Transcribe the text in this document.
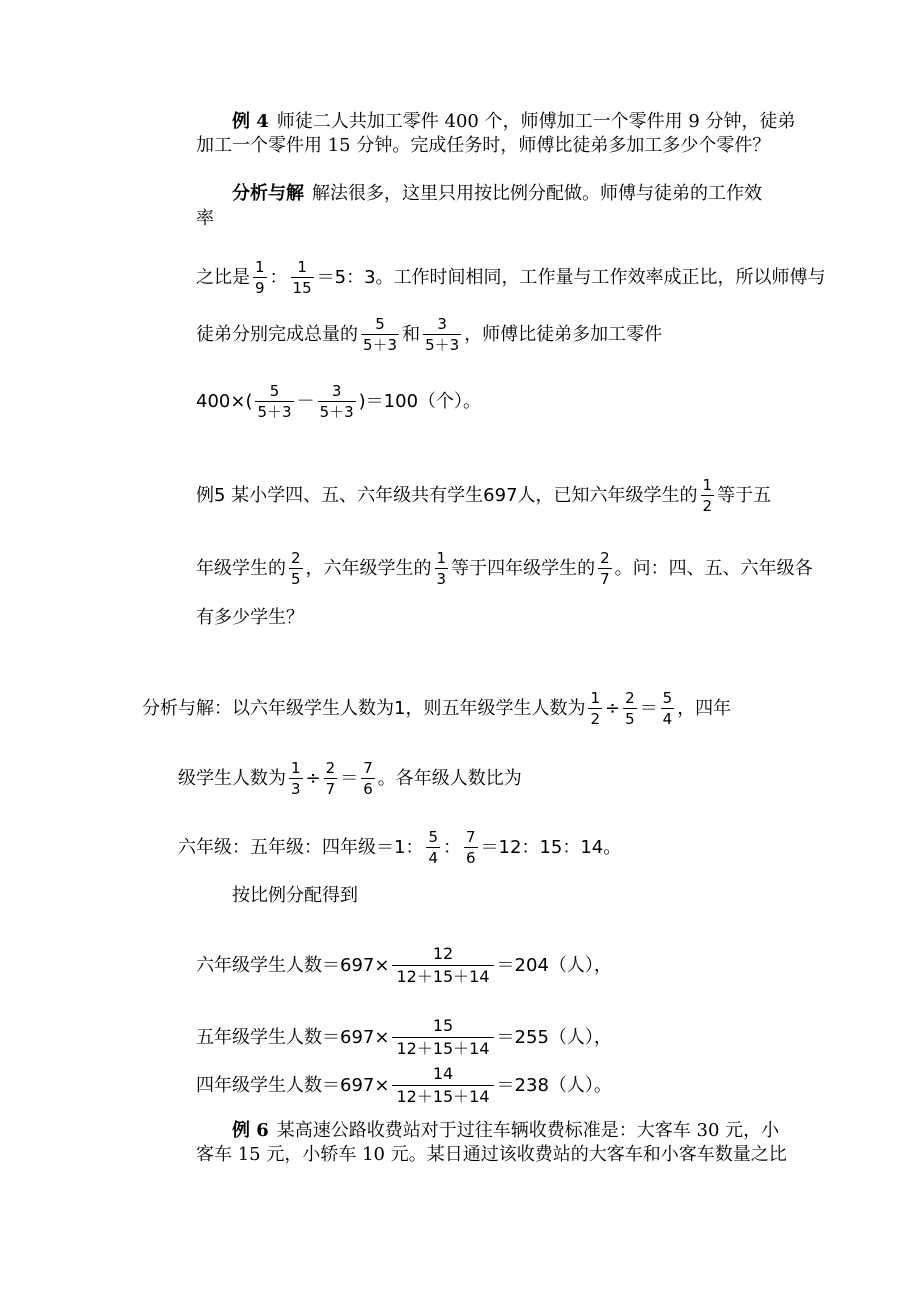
例 4 师徒二人共加工零件 400 个，师傅加工一个零件用 9 分钟，徒弟
加工一个零件用 15 分钟。完成任务时，师傅比徒弟多加工多少个零件？
分析与解 解法很多，这里只用按比例分配做。师傅与徒弟的工作效
率
之比是 $\frac{1}{9}$ ： $\frac{1}{15} =5$：3。工作时间相同，工作量与工作效率成正比，所以师傅与
徒弟分别完成总量的 $\frac{5}{5+3}$ 和 $\frac{3}{5+3}$ ，师傅比徒弟多加工零件
$400\times( \frac{5}{5+3} - \frac{3}{5+3} )=100$（个）。
例5 某小学四、五、六年级共有学生697人，已知六年级学生的 $\frac{1}{2}$ 等于五
年级学生的 $\frac{2}{5}$ ，六年级学生的 $\frac{1}{3}$ 等于四年级学生的 $\frac{2}{7}$ 。问：四、五、六年级各
有多少学生？
分析与解：以六年级学生人数为1，则五年级学生人数为 $\frac{1}{2} \div \frac{2}{5} = \frac{5}{4}$ ，四年
级学生人数为 $\frac{1}{3} \div \frac{2}{7} = \frac{7}{6}$ 。各年级人数比为
六年级：五年级：四年级＝1： $\frac{5}{4}$ ： $\frac{7}{6} =12$：15：14。
按比例分配得到
六年级学生人数$=697\times \frac{12}{12+15+14} =204$（人），
五年级学生人数$=697\times \frac{15}{12+15+14} =255$（人），
四年级学生人数$=697\times \frac{14}{12+15+14} =238$（人）。
例 6 某高速公路收费站对于过往车辆收费标准是：大客车 30 元，小
客车 15 元，小轿车 10 元。某日通过该收费站的大客车和小客车数量之比
